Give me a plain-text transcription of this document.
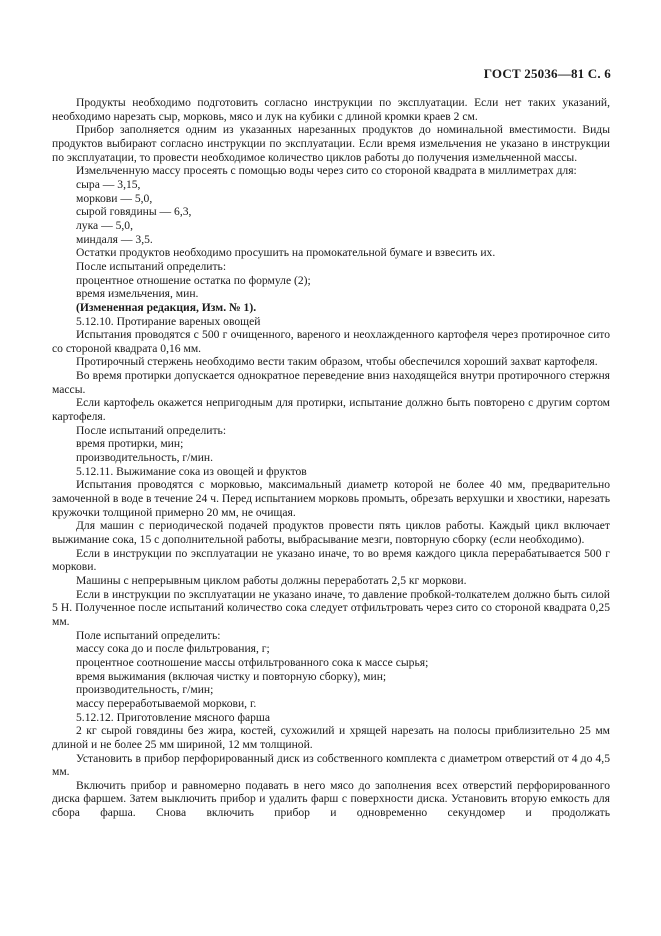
ГОСТ 25036—81 С. 6

Продукты необходимо подготовить согласно инструкции по эксплуатации. Если нет таких указаний, необходимо нарезать сыр, морковь, мясо и лук на кубики с длиной кромки краев 2 см.

Прибор заполняется одним из указанных нарезанных продуктов до номинальной вместимости. Виды продуктов выбирают согласно инструкции по эксплуатации. Если время измельчения не указано в инструкции по эксплуатации, то провести необходимое количество циклов работы до получения измельченной массы.

Измельченную массу просеять с помощью воды через сито со стороной квадрата в миллиметрах для:

сыра — 3,15,

моркови — 5,0,

сырой говядины — 6,3,

лука — 5,0,

миндаля — 3,5.

Остатки продуктов необходимо просушить на промокательной бумаге и взвесить их.

После испытаний определить:

процентное отношение остатка по формуле (2);

время измельчения, мин.

(Измененная редакция, Изм. № 1).

5.12.10. Протирание вареных овощей

Испытания проводятся с 500 г очищенного, вареного и неохлажденного картофеля через протирочное сито со стороной квадрата 0,16 мм.

Протирочный стержень необходимо вести таким образом, чтобы обеспечился хороший захват картофеля.

Во время протирки допускается однократное переведение вниз находящейся внутри протирочного стержня массы.

Если картофель окажется непригодным для протирки, испытание должно быть повторено с другим сортом картофеля.

После испытаний определить:

время протирки, мин;

производительность, г/мин.

5.12.11. Выжимание сока из овощей и фруктов

Испытания проводятся с морковью, максимальный диаметр которой не более 40 мм, предварительно замоченной в воде в течение 24 ч. Перед испытанием морковь промыть, обрезать верхушки и хвостики, нарезать кружочки толщиной примерно 20 мм, не очищая.

Для машин с периодической подачей продуктов провести пять циклов работы. Каждый цикл включает выжимание сока, 15 с дополнительной работы, выбрасывание мезги, повторную сборку (если необходимо).

Если в инструкции по эксплуатации не указано иначе, то во время каждого цикла перерабатывается 500 г моркови.

Машины с непрерывным циклом работы должны переработать 2,5 кг моркови.

Если в инструкции по эксплуатации не указано иначе, то давление пробкой-толкателем должно быть силой 5 Н. Полученное после испытаний количество сока следует отфильтровать через сито со стороной квадрата 0,25 мм.

Поле испытаний определить:

массу сока до и после фильтрования, г;

процентное соотношение массы отфильтрованного сока к массе сырья;

время выжимания (включая чистку и повторную сборку), мин;

производительность, г/мин;

массу переработываемой моркови, г.

5.12.12. Приготовление мясного фарша

2 кг сырой говядины без жира, костей, сухожилий и хрящей нарезать на полосы приблизительно 25 мм длиной и не более 25 мм шириной, 12 мм толщиной.

Установить в прибор перфорированный диск из собственного комплекта с диаметром отверстий от 4 до 4,5 мм.

Включить прибор и равномерно подавать в него мясо до заполнения всех отверстий перфорированного диска фаршем. Затем выключить прибор и удалить фарш с поверхности диска. Установить вторую емкость для сбора фарша. Снова включить прибор и одновременно секундомер и продолжать
